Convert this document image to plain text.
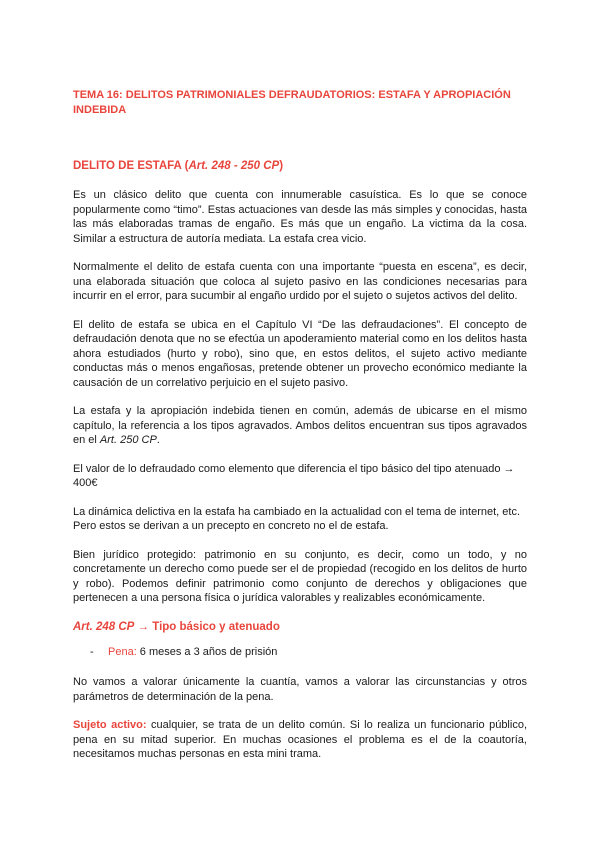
TEMA 16: DELITOS PATRIMONIALES DEFRAUDATORIOS: ESTAFA Y APROPIACIÓN INDEBIDA
DELITO DE ESTAFA (Art. 248 - 250 CP)

Es un clásico delito que cuenta con innumerable casuística. Es lo que se conoce popularmente como “timo”. Estas actuaciones van desde las más simples y conocidas, hasta las más elaboradas tramas de engaño. Es más que un engaño. La victima da la cosa. Similar a estructura de autoría mediata. La estafa crea vicio.

Normalmente el delito de estafa cuenta con una importante “puesta en escena”, es decir, una elaborada situación que coloca al sujeto pasivo en las condiciones necesarias para incurrir en el error, para sucumbir al engaño urdido por el sujeto o sujetos activos del delito.

El delito de estafa se ubica en el Capítulo VI “De las defraudaciones”. El concepto de defraudación denota que no se efectúa un apoderamiento material como en los delitos hasta ahora estudiados (hurto y robo), sino que, en estos delitos, el sujeto activo mediante conductas más o menos engañosas, pretende obtener un provecho económico mediante la causación de un correlativo perjuicio en el sujeto pasivo.

La estafa y la apropiación indebida tienen en común, además de ubicarse en el mismo capítulo, la referencia a los tipos agravados. Ambos delitos encuentran sus tipos agravados en el Art. 250 CP.

El valor de lo defraudado como elemento que diferencia el tipo básico del tipo atenuado → 400€

La dinámica delictiva en la estafa ha cambiado en la actualidad con el tema de internet, etc. Pero estos se derivan a un precepto en concreto no el de estafa.

Bien jurídico protegido: patrimonio en su conjunto, es decir, como un todo, y no concretamente un derecho como puede ser el de propiedad (recogido en los delitos de hurto y robo). Podemos definir patrimonio como conjunto de derechos y obligaciones que pertenecen a una persona física o jurídica valorables y realizables económicamente.

Art. 248 CP → Tipo básico y atenuado
-	Pena: 6 meses a 3 años de prisión

No vamos a valorar únicamente la cuantía, vamos a valorar las circunstancias y otros parámetros de determinación de la pena.

Sujeto activo: cualquier, se trata de un delito común. Si lo realiza un funcionario público, pena en su mitad superior. En muchas ocasiones el problema es el de la coautoría, necesitamos muchas personas en esta mini trama.
